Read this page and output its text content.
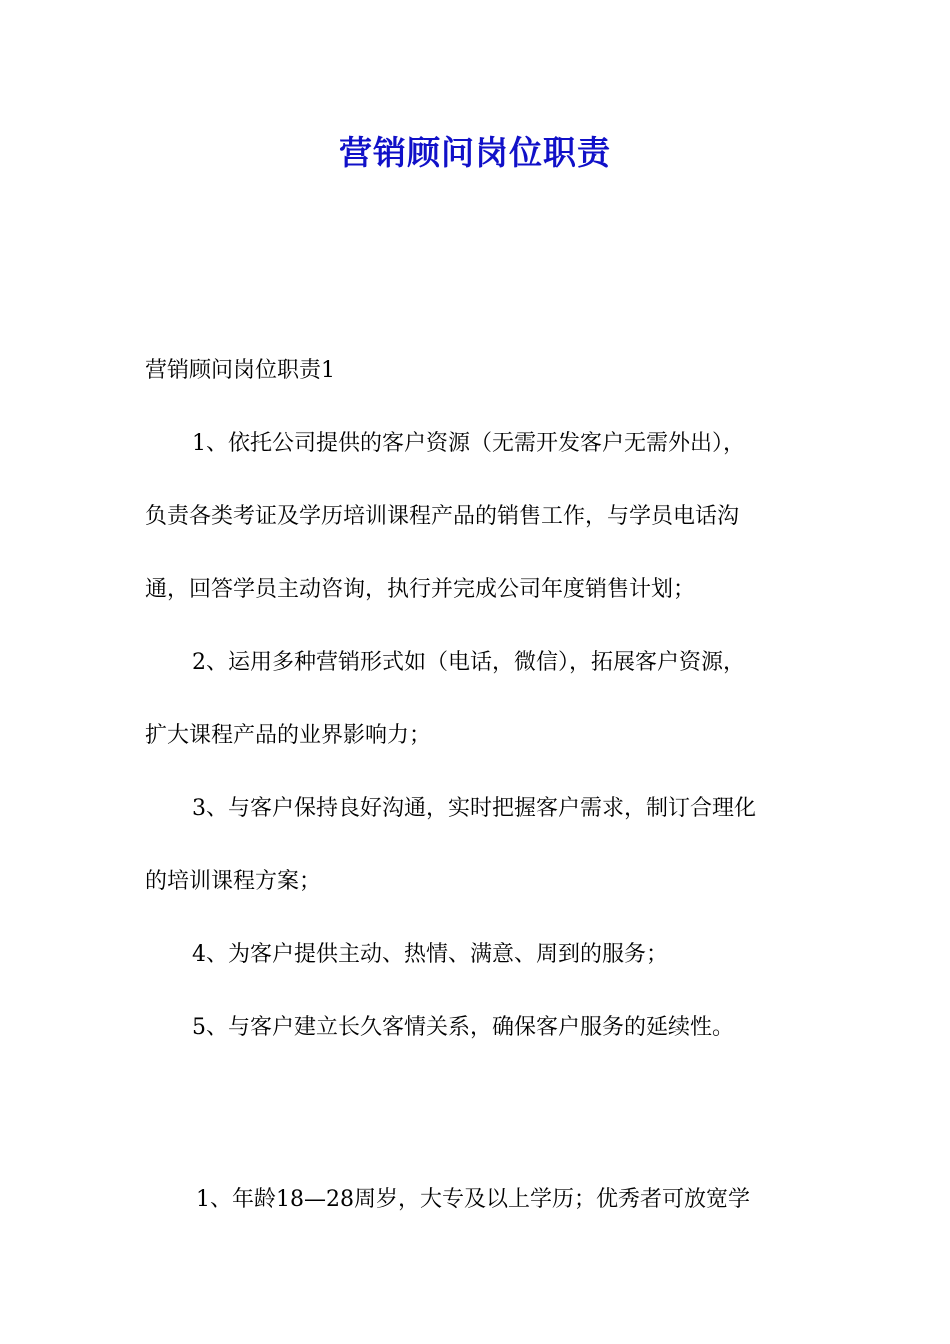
营销顾问岗位职责

营销顾问岗位职责1

1、依托公司提供的客户资源（无需开发客户无需外出），

负责各类考证及学历培训课程产品的销售工作，与学员电话沟

通，回答学员主动咨询，执行并完成公司年度销售计划；

2、运用多种营销形式如（电话，微信），拓展客户资源，

扩大课程产品的业界影响力；

3、与客户保持良好沟通，实时把握客户需求，制订合理化

的培训课程方案；

4、为客户提供主动、热情、满意、周到的服务；

5、与客户建立长久客情关系，确保客户服务的延续性。

1、年龄18—28周岁，大专及以上学历；优秀者可放宽学
